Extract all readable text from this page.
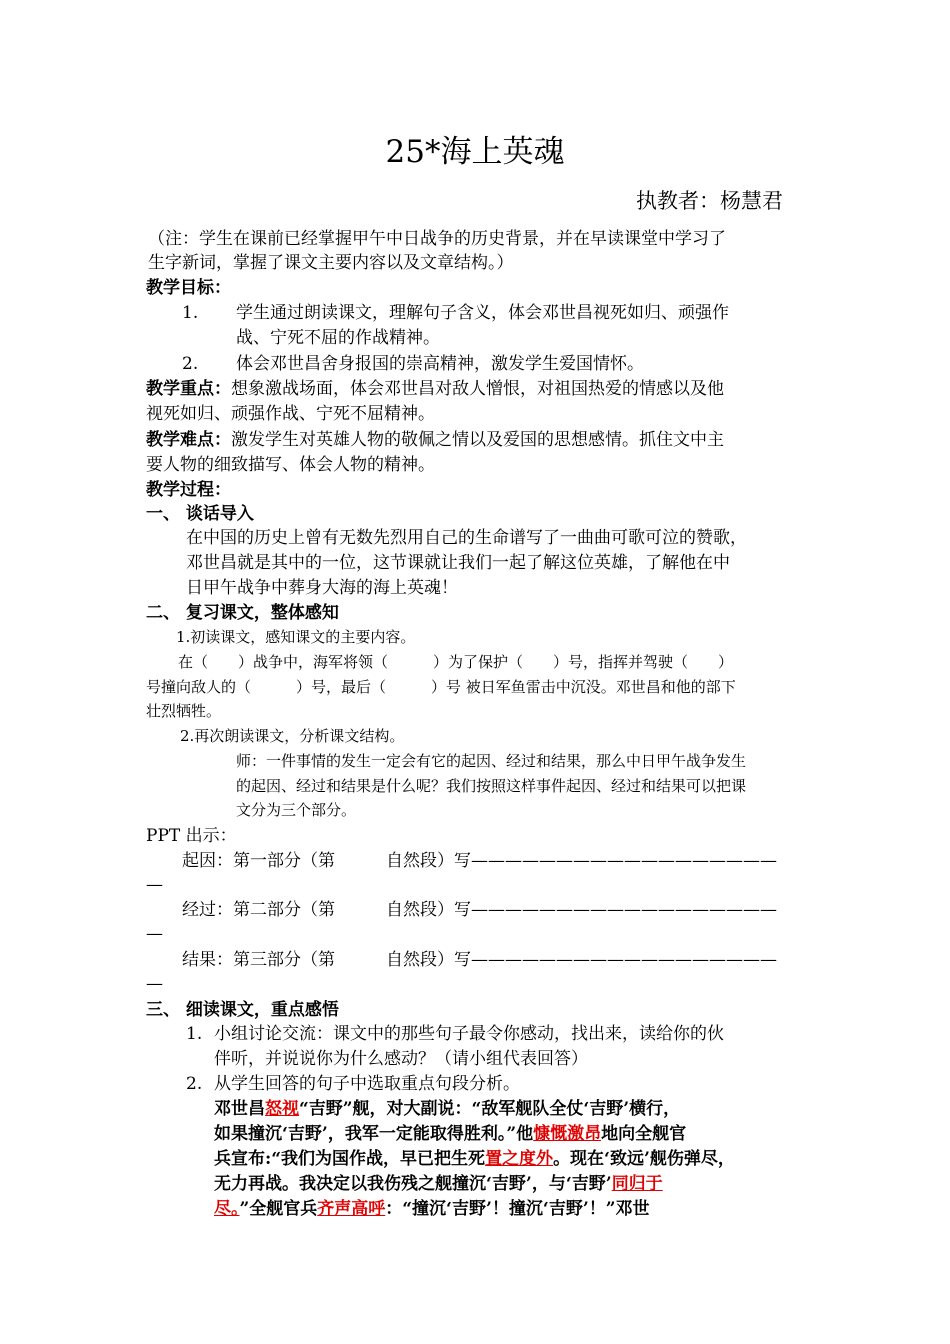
25*海上英魂
执教者：杨慧君
（注：学生在课前已经掌握甲午中日战争的历史背景，并在早读课堂中学习了
生字新词，掌握了课文主要内容以及文章结构。）
教学目标：
1. 学生通过朗读课文，理解句子含义，体会邓世昌视死如归、顽强作
战、宁死不屈的作战精神。
2. 体会邓世昌舍身报国的崇高精神，激发学生爱国情怀。
教学重点：想象激战场面，体会邓世昌对敌人憎恨，对祖国热爱的情感以及他
视死如归、顽强作战、宁死不屈精神。
教学难点：激发学生对英雄人物的敬佩之情以及爱国的思想感情。抓住文中主
要人物的细致描写、体会人物的精神。
教学过程：
一、 谈话导入
在中国的历史上曾有无数先烈用自己的生命谱写了一曲曲可歌可泣的赞歌，
邓世昌就是其中的一位，这节课就让我们一起了解这位英雄，了解他在中
日甲午战争中葬身大海的海上英魂！
二、 复习课文，整体感知
1.初读课文，感知课文的主要内容。
在（　　）战争中，海军将领（　　　）为了保护（　　）号，指挥并驾驶（　　）
号撞向敌人的（　　　）号，最后（　　　）号 被日军鱼雷击中沉没。邓世昌和他的部下
壮烈牺牲。
2.再次朗读课文，分析课文结构。
师：一件事情的发生一定会有它的起因、经过和结果，那么中日甲午战争发生
的起因、经过和结果是什么呢？我们按照这样事件起因、经过和结果可以把课
文分为三个部分。
PPT 出示：
起因：第一部分（第　　　自然段）写——————————————————
—
经过：第二部分（第　　　自然段）写——————————————————
—
结果：第三部分（第　　　自然段）写——————————————————
—
三、 细读课文，重点感悟
1. 小组讨论交流：课文中的那些句子最令你感动，找出来，读给你的伙
伴听，并说说你为什么感动？（请小组代表回答）
2. 从学生回答的句子中选取重点句段分析。
邓世昌怒视“吉野”舰，对大副说：“敌军舰队全仗‘吉野’横行，
如果撞沉‘吉野’，我军一定能取得胜利。”他慷慨激昂地向全舰官
兵宣布:“我们为国作战，早已把生死置之度外。现在‘致远’舰伤弹尽，
无力再战。我决定以我伤残之舰撞沉‘吉野’，与‘吉野’同归于
尽。”全舰官兵齐声高呼：“撞沉‘吉野’！撞沉‘吉野’！”邓世
